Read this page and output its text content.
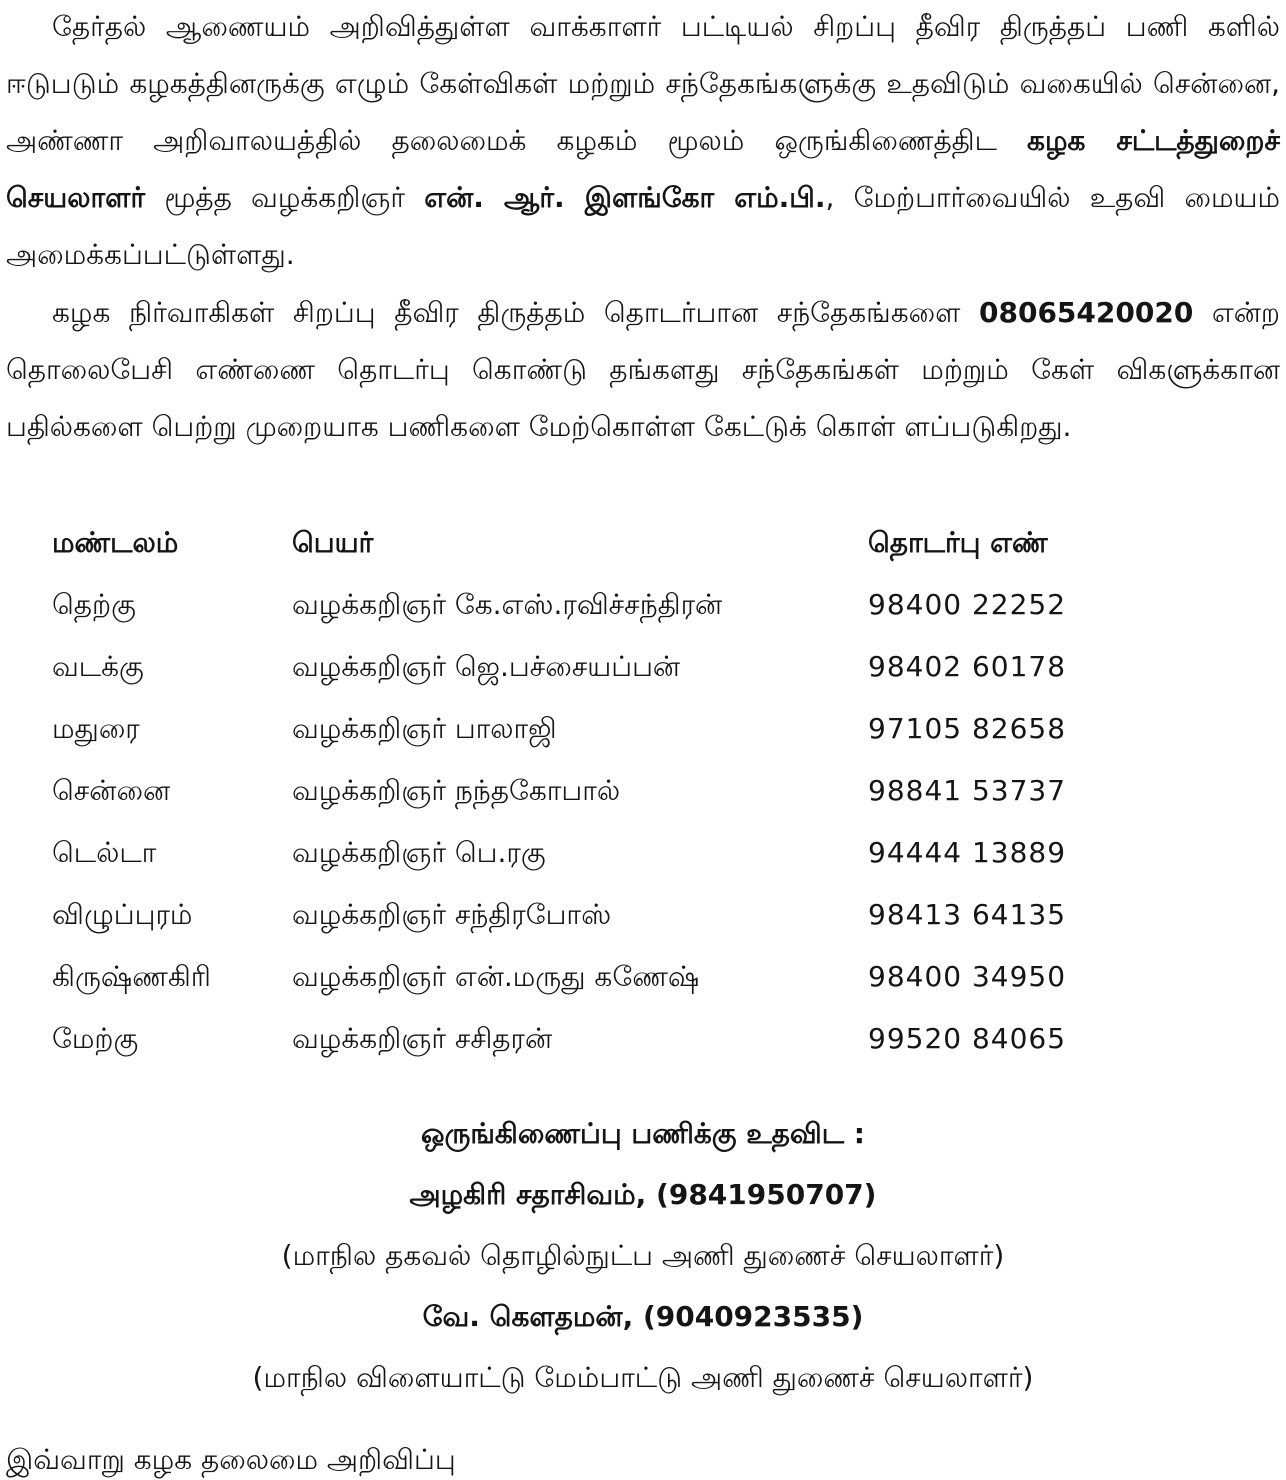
தேர்தல் ஆணையம் அறிவித்துள்ள வாக்காளர் பட்டியல் சிறப்பு தீவிர திருத்தப் பணி களில் ஈடுபடும் கழகத்தினருக்கு எழும் கேள்விகள் மற்றும் சந்தேகங்களுக்கு உதவிடும் வகையில் சென்னை, அண்ணா அறிவாலயத்தில் தலைமைக் கழகம் மூலம் ஒருங்கிணைத்திட கழக சட்டத்துறைச் செயலாளர் மூத்த வழக்கறிஞர் என். ஆர். இளங்கோ எம்.பி., மேற்பார்வையில் உதவி மையம் அமைக்கப்பட்டுள்ளது.

கழக நிர்வாகிகள் சிறப்பு தீவிர திருத்தம் தொடர்பான சந்தேகங்களை 08065420020 என்ற தொலைபேசி எண்ணை தொடர்பு கொண்டு தங்களது சந்தேகங்கள் மற்றும் கேள் விகளுக்கான பதில்களை பெற்று முறையாக பணிகளை மேற்கொள்ள கேட்டுக் கொள் ளப்படுகிறது.

மண்டலம்	பெயர்	தொடர்பு எண்
தெற்கு	வழக்கறிஞர் கே.எஸ்.ரவிச்சந்திரன்	98400 22252
வடக்கு	வழக்கறிஞர் ஜெ.பச்சையப்பன்	98402 60178
மதுரை	வழக்கறிஞர் பாலாஜி	97105 82658
சென்னை	வழக்கறிஞர் நந்தகோபால்	98841 53737
டெல்டா	வழக்கறிஞர் பெ.ரகு	94444 13889
விழுப்புரம்	வழக்கறிஞர் சந்திரபோஸ்	98413 64135
கிருஷ்ணகிரி	வழக்கறிஞர் என்.மருது கணேஷ்	98400 34950
மேற்கு	வழக்கறிஞர் சசிதரன்	99520 84065
ஒருங்கிணைப்பு பணிக்கு உதவிட :
அழகிரி சதாசிவம், (9841950707)
(மாநில தகவல் தொழில்நுட்ப அணி துணைச் செயலாளர்)
வே. கௌதமன், (9040923535)
(மாநில விளையாட்டு மேம்பாட்டு அணி துணைச் செயலாளர்)
இவ்வாறு கழக தலைமை அறிவிப்பு
